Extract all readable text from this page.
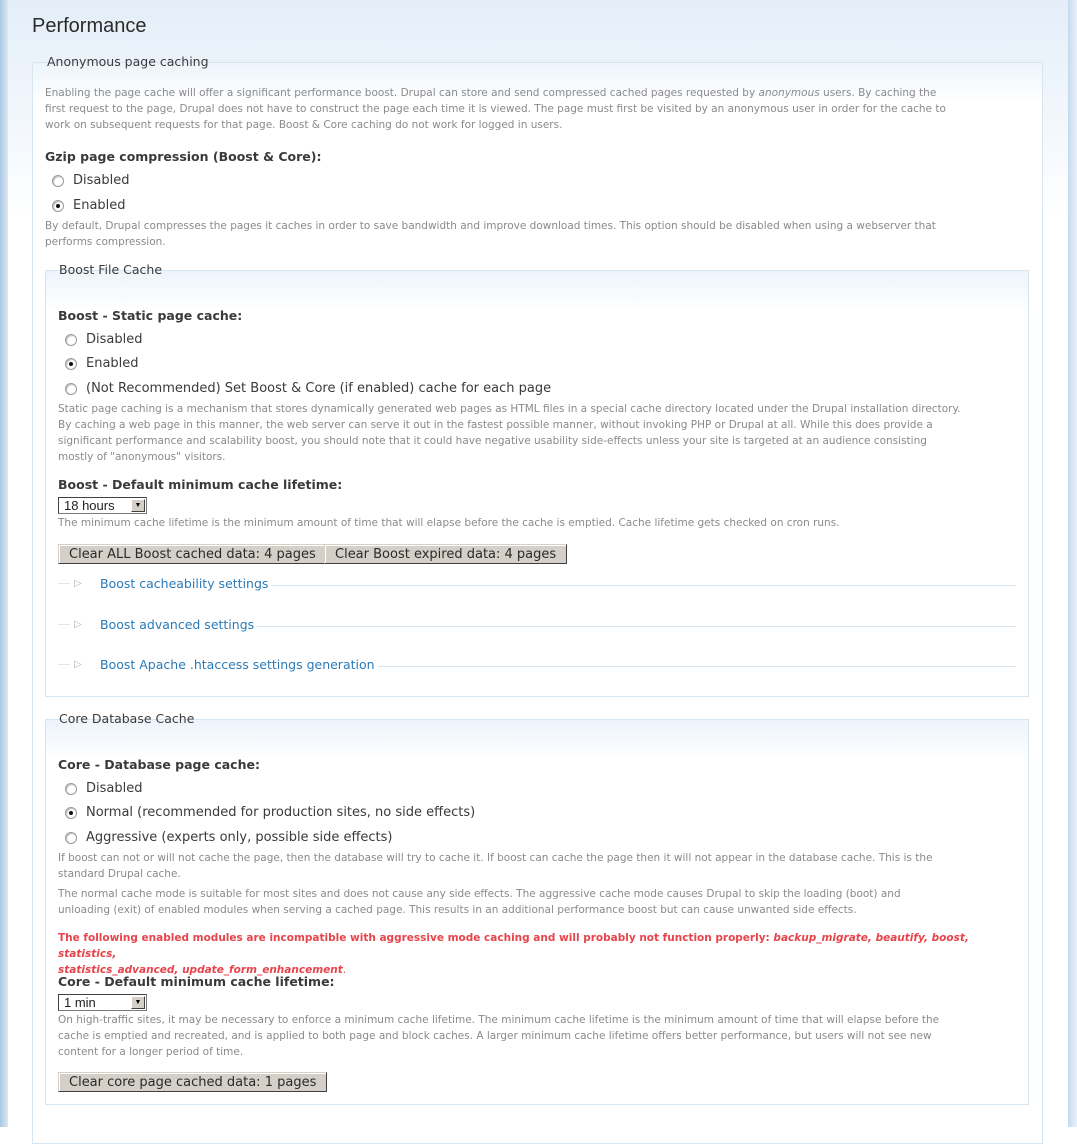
Performance
Anonymous page caching
Enabling the page cache will offer a significant performance boost. Drupal can store and send compressed cached pages requested by anonymous users. By caching the
first request to the page, Drupal does not have to construct the page each time it is viewed. The page must first be visited by an anonymous user in order for the cache to
work on subsequent requests for that page. Boost & Core caching do not work for logged in users.
Gzip page compression (Boost & Core):
Disabled
Enabled
By default, Drupal compresses the pages it caches in order to save bandwidth and improve download times. This option should be disabled when using a webserver that
performs compression.
Boost File Cache
Boost - Static page cache:
Disabled
Enabled
(Not Recommended) Set Boost & Core (if enabled) cache for each page
Static page caching is a mechanism that stores dynamically generated web pages as HTML files in a special cache directory located under the Drupal installation directory.
By caching a web page in this manner, the web server can serve it out in the fastest possible manner, without invoking PHP or Drupal at all. While this does provide a
significant performance and scalability boost, you should note that it could have negative usability side-effects unless your site is targeted at an audience consisting
mostly of "anonymous" visitors.
Boost - Default minimum cache lifetime:
18 hours	▼
The minimum cache lifetime is the minimum amount of time that will elapse before the cache is emptied. Cache lifetime gets checked on cron runs.
Clear ALL Boost cached data: 4 pages	Clear Boost expired data: 4 pages
▷	Boost cacheability settings
▷	Boost advanced settings
▷	Boost Apache .htaccess settings generation
Core Database Cache
Core - Database page cache:
Disabled
Normal (recommended for production sites, no side effects)
Aggressive (experts only, possible side effects)
If boost can not or will not cache the page, then the database will try to cache it. If boost can cache the page then it will not appear in the database cache. This is the
standard Drupal cache.
The normal cache mode is suitable for most sites and does not cause any side effects. The aggressive cache mode causes Drupal to skip the loading (boot) and
unloading (exit) of enabled modules when serving a cached page. This results in an additional performance boost but can cause unwanted side effects.
The following enabled modules are incompatible with aggressive mode caching and will probably not function properly: backup_migrate, beautify, boost, statistics,
statistics_advanced, update_form_enhancement.
Core - Default minimum cache lifetime:
1 min	▼
On high-traffic sites, it may be necessary to enforce a minimum cache lifetime. The minimum cache lifetime is the minimum amount of time that will elapse before the
cache is emptied and recreated, and is applied to both page and block caches. A larger minimum cache lifetime offers better performance, but users will not see new
content for a longer period of time.
Clear core page cached data: 1 pages
